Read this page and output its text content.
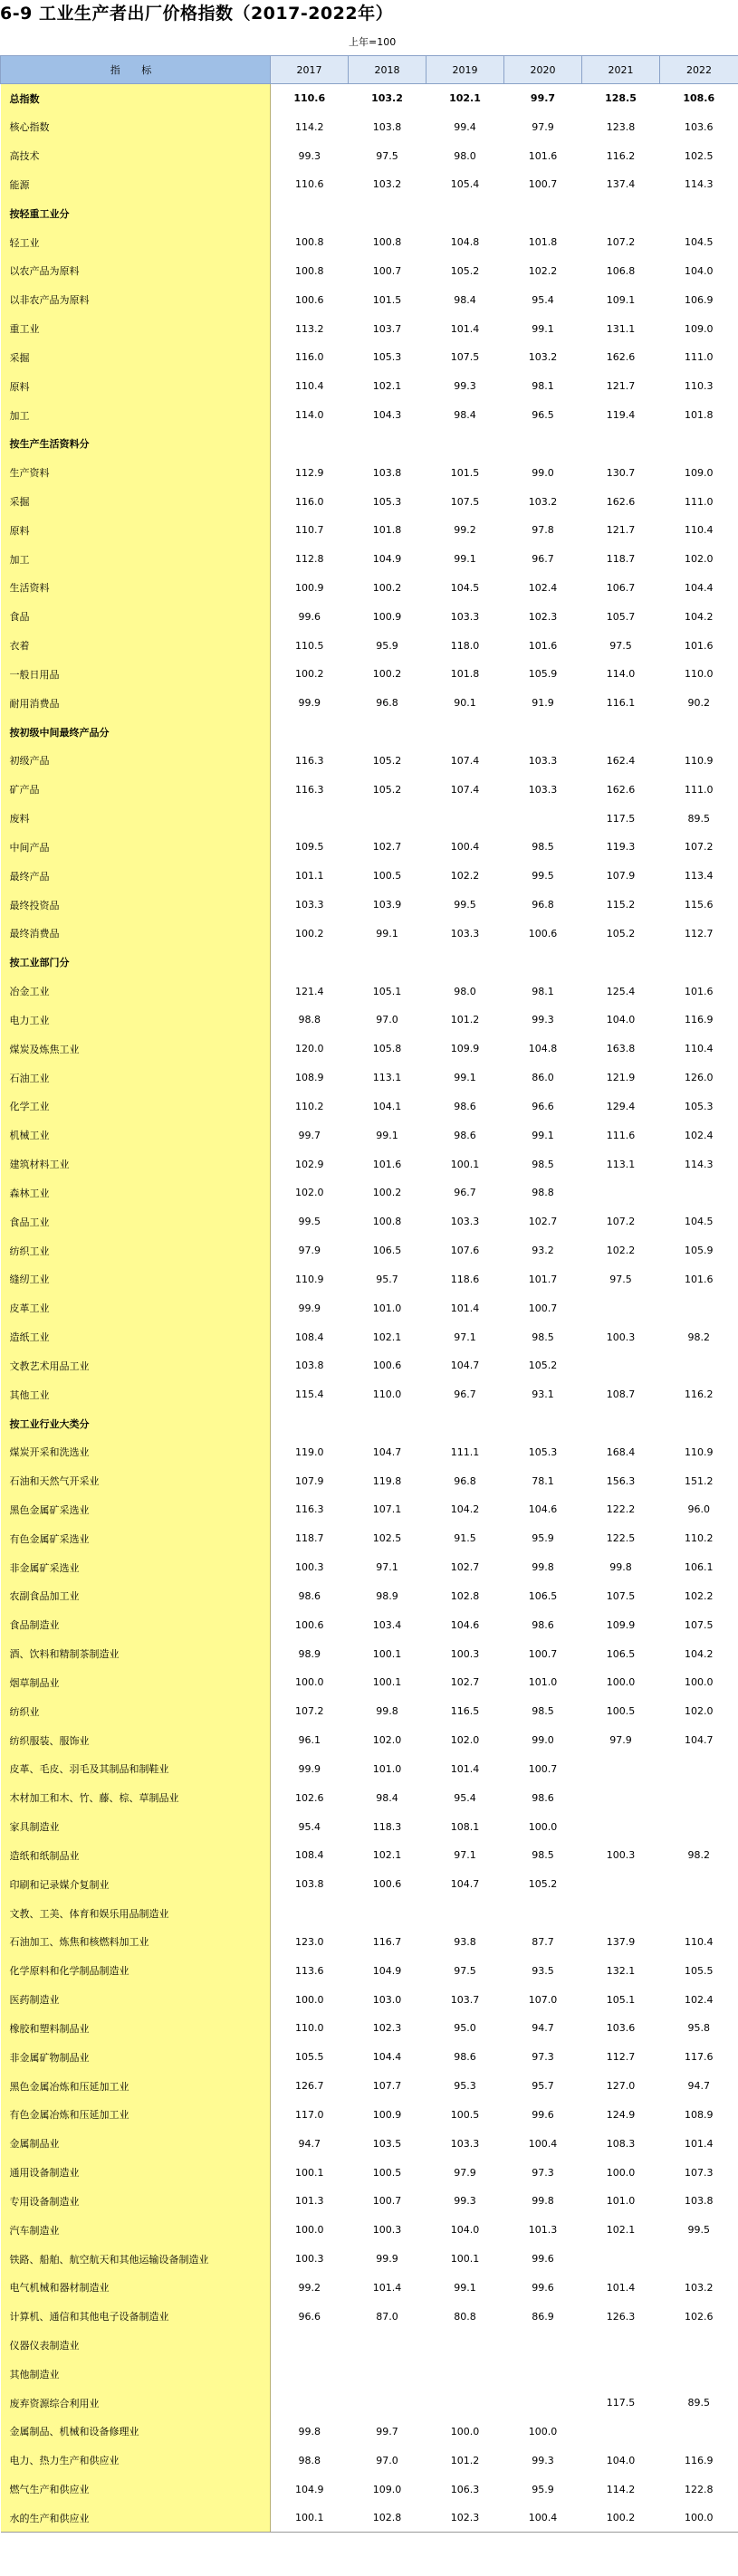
6-9 工业生产者出厂价格指数（2017-2022年）
上年=100
指 标	2017	2018	2019	2020	2021	2022
总指数	110.6	103.2	102.1	99.7	128.5	108.6
核心指数	114.2	103.8	99.4	97.9	123.8	103.6
高技术	99.3	97.5	98.0	101.6	116.2	102.5
能源	110.6	103.2	105.4	100.7	137.4	114.3
按轻重工业分						
轻工业	100.8	100.8	104.8	101.8	107.2	104.5
以农产品为原料	100.8	100.7	105.2	102.2	106.8	104.0
以非农产品为原料	100.6	101.5	98.4	95.4	109.1	106.9
重工业	113.2	103.7	101.4	99.1	131.1	109.0
采掘	116.0	105.3	107.5	103.2	162.6	111.0
原料	110.4	102.1	99.3	98.1	121.7	110.3
加工	114.0	104.3	98.4	96.5	119.4	101.8
按生产生活资料分						
生产资料	112.9	103.8	101.5	99.0	130.7	109.0
采掘	116.0	105.3	107.5	103.2	162.6	111.0
原料	110.7	101.8	99.2	97.8	121.7	110.4
加工	112.8	104.9	99.1	96.7	118.7	102.0
生活资料	100.9	100.2	104.5	102.4	106.7	104.4
食品	99.6	100.9	103.3	102.3	105.7	104.2
衣着	110.5	95.9	118.0	101.6	97.5	101.6
一般日用品	100.2	100.2	101.8	105.9	114.0	110.0
耐用消费品	99.9	96.8	90.1	91.9	116.1	90.2
按初级中间最终产品分						
初级产品	116.3	105.2	107.4	103.3	162.4	110.9
矿产品	116.3	105.2	107.4	103.3	162.6	111.0
废料					117.5	89.5
中间产品	109.5	102.7	100.4	98.5	119.3	107.2
最终产品	101.1	100.5	102.2	99.5	107.9	113.4
最终投资品	103.3	103.9	99.5	96.8	115.2	115.6
最终消费品	100.2	99.1	103.3	100.6	105.2	112.7
按工业部门分						
冶金工业	121.4	105.1	98.0	98.1	125.4	101.6
电力工业	98.8	97.0	101.2	99.3	104.0	116.9
煤炭及炼焦工业	120.0	105.8	109.9	104.8	163.8	110.4
石油工业	108.9	113.1	99.1	86.0	121.9	126.0
化学工业	110.2	104.1	98.6	96.6	129.4	105.3
机械工业	99.7	99.1	98.6	99.1	111.6	102.4
建筑材料工业	102.9	101.6	100.1	98.5	113.1	114.3
森林工业	102.0	100.2	96.7	98.8		
食品工业	99.5	100.8	103.3	102.7	107.2	104.5
纺织工业	97.9	106.5	107.6	93.2	102.2	105.9
缝纫工业	110.9	95.7	118.6	101.7	97.5	101.6
皮革工业	99.9	101.0	101.4	100.7		
造纸工业	108.4	102.1	97.1	98.5	100.3	98.2
文教艺术用品工业	103.8	100.6	104.7	105.2		
其他工业	115.4	110.0	96.7	93.1	108.7	116.2
按工业行业大类分						
煤炭开采和洗选业	119.0	104.7	111.1	105.3	168.4	110.9
石油和天然气开采业	107.9	119.8	96.8	78.1	156.3	151.2
黑色金属矿采选业	116.3	107.1	104.2	104.6	122.2	96.0
有色金属矿采选业	118.7	102.5	91.5	95.9	122.5	110.2
非金属矿采选业	100.3	97.1	102.7	99.8	99.8	106.1
农副食品加工业	98.6	98.9	102.8	106.5	107.5	102.2
食品制造业	100.6	103.4	104.6	98.6	109.9	107.5
酒、饮料和精制茶制造业	98.9	100.1	100.3	100.7	106.5	104.2
烟草制品业	100.0	100.1	102.7	101.0	100.0	100.0
纺织业	107.2	99.8	116.5	98.5	100.5	102.0
纺织服装、服饰业	96.1	102.0	102.0	99.0	97.9	104.7
皮革、毛皮、羽毛及其制品和制鞋业	99.9	101.0	101.4	100.7		
木材加工和木、竹、藤、棕、草制品业	102.6	98.4	95.4	98.6		
家具制造业	95.4	118.3	108.1	100.0		
造纸和纸制品业	108.4	102.1	97.1	98.5	100.3	98.2
印刷和记录媒介复制业	103.8	100.6	104.7	105.2		
文教、工美、体育和娱乐用品制造业						
石油加工、炼焦和核燃料加工业	123.0	116.7	93.8	87.7	137.9	110.4
化学原料和化学制品制造业	113.6	104.9	97.5	93.5	132.1	105.5
医药制造业	100.0	103.0	103.7	107.0	105.1	102.4
橡胶和塑料制品业	110.0	102.3	95.0	94.7	103.6	95.8
非金属矿物制品业	105.5	104.4	98.6	97.3	112.7	117.6
黑色金属冶炼和压延加工业	126.7	107.7	95.3	95.7	127.0	94.7
有色金属冶炼和压延加工业	117.0	100.9	100.5	99.6	124.9	108.9
金属制品业	94.7	103.5	103.3	100.4	108.3	101.4
通用设备制造业	100.1	100.5	97.9	97.3	100.0	107.3
专用设备制造业	101.3	100.7	99.3	99.8	101.0	103.8
汽车制造业	100.0	100.3	104.0	101.3	102.1	99.5
铁路、船舶、航空航天和其他运输设备制造业	100.3	99.9	100.1	99.6		
电气机械和器材制造业	99.2	101.4	99.1	99.6	101.4	103.2
计算机、通信和其他电子设备制造业	96.6	87.0	80.8	86.9	126.3	102.6
仪器仪表制造业						
其他制造业						
废弃资源综合利用业					117.5	89.5
金属制品、机械和设备修理业	99.8	99.7	100.0	100.0		
电力、热力生产和供应业	98.8	97.0	101.2	99.3	104.0	116.9
燃气生产和供应业	104.9	109.0	106.3	95.9	114.2	122.8
水的生产和供应业	100.1	102.8	102.3	100.4	100.2	100.0
